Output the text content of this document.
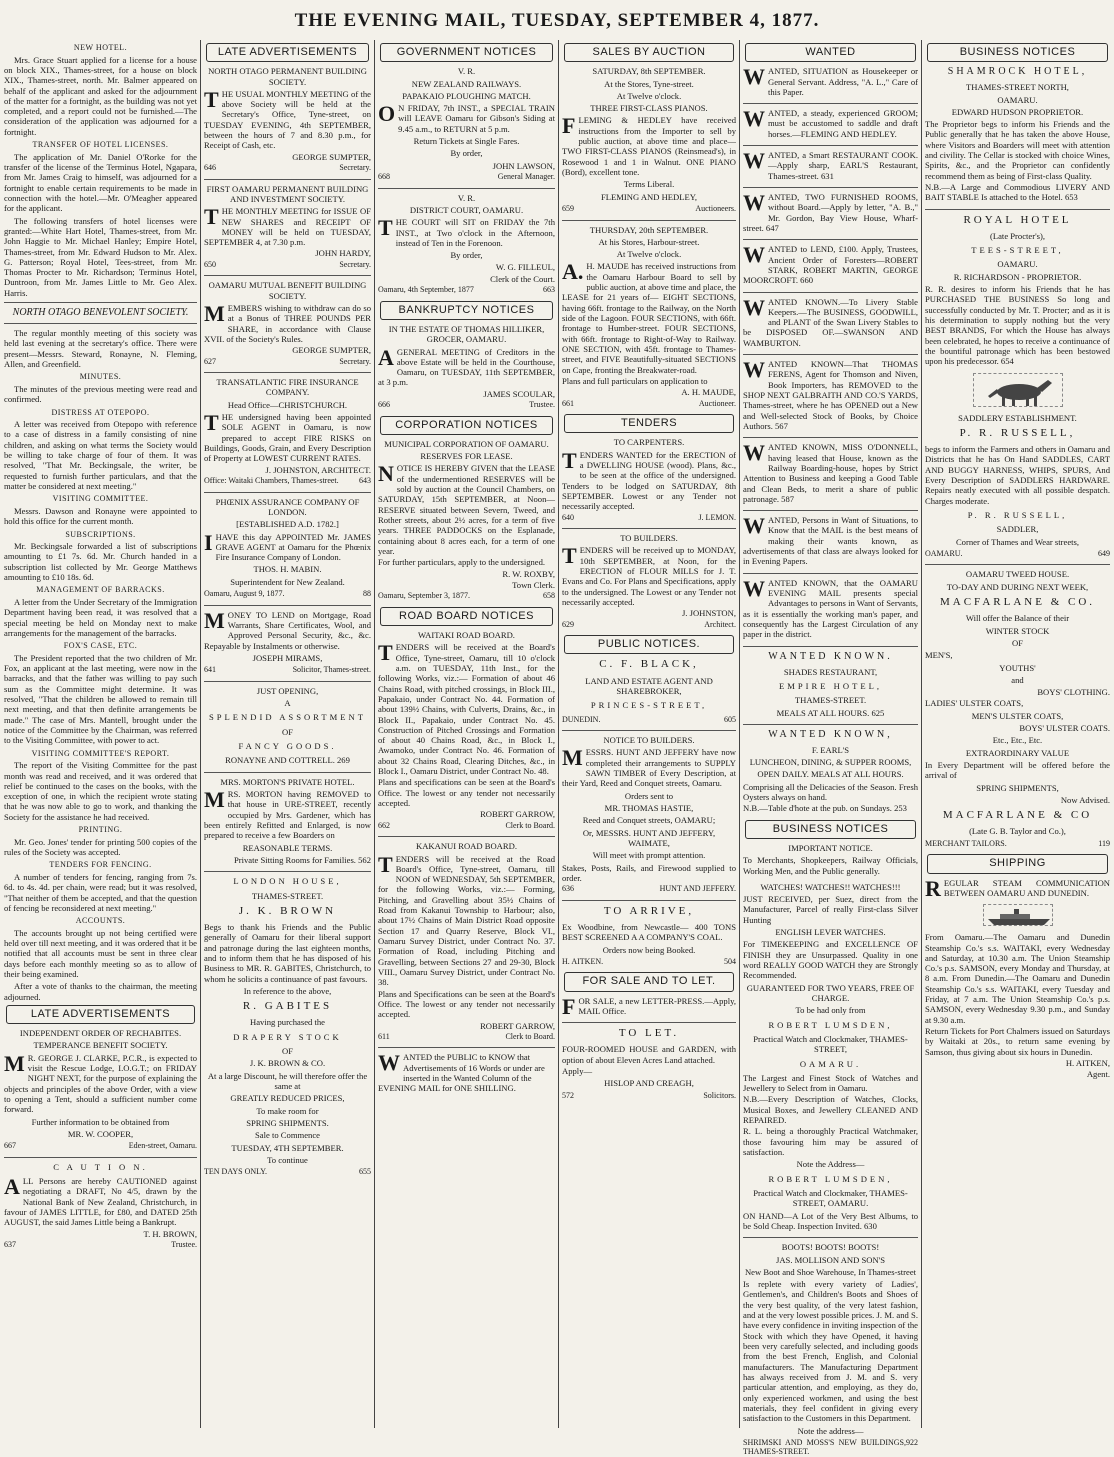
THE EVENING MAIL, TUESDAY, SEPTEMBER 4, 1877.
NEW HOTEL.

Mrs. Grace Stuart applied for a license for a house on block XIX., Thames-street, for a house on block XIX., Thames-street, north. Mr. Balmer appeared on behalf of the applicant and asked for the adjournment of the matter for a fortnight, as the building was not yet completed, and a report could not be furnished.—The consideration of the application was adjourned for a fortnight.

TRANSFER OF HOTEL LICENSES.

The application of Mr. Daniel O'Rorke for the transfer of the license of the Terminus Hotel, Ngapara, from Mr. James Craig to himself, was adjourned for a fortnight to enable certain requirements to be made in connection with the hotel.—Mr. O'Meagher appeared for the applicant.

The following transfers of hotel licenses were granted:—White Hart Hotel, Thames-street, from Mr. John Haggie to Mr. Michael Hanley; Empire Hotel, Thames-street, from Mr. Edward Hudson to Mr. Alex. G. Patterson; Royal Hotel, Tees-street, from Mr. Thomas Procter to Mr. Richardson; Terminus Hotel, Duntroon, from Mr. James Little to Mr. Geo Alex. Harris.

NORTH OTAGO BENEVOLENT SOCIETY.

The regular monthly meeting of this society was held last evening at the secretary's office. There were present—Messrs. Steward, Ronayne, N. Fleming, Allen, and Greenfield.

MINUTES.

The minutes of the previous meeting were read and confirmed.

DISTRESS AT OTEPOPO.

A letter was received from Otepopo with reference to a case of distress in a family consisting of nine children, and asking on what terms the Society would be willing to take charge of four of them. It was resolved, "That Mr. Beckingsale, the writer, be requested to furnish further particulars, and that the matter be considered at next meeting."

VISITING COMMITTEE.

Messrs. Dawson and Ronayne were appointed to hold this office for the current month.

SUBSCRIPTIONS.

Mr. Beckingsale forwarded a list of subscriptions amounting to £1 7s. 6d. Mr. Church handed in a subscription list collected by Mr. George Matthews amounting to £10 18s. 6d.

MANAGEMENT OF BARRACKS.

A letter from the Under Secretary of the Immigration Department having been read, it was resolved that a special meeting be held on Monday next to make arrangements for the management of the barracks.

FOX'S CASE, ETC.

The President reported that the two children of Mr. Fox, an applicant at the last meeting, were now in the barracks, and that the father was willing to pay such sum as the Committee might determine. It was resolved, "That the children be allowed to remain till next meeting, and that then definite arrangements be made." The case of Mrs. Mantell, brought under the notice of the Committee by the Chairman, was referred to the Visiting Committee, with power to act.

VISITING COMMITTEE'S REPORT.

The report of the Visiting Committee for the past month was read and received, and it was ordered that relief be continued to the cases on the books, with the exception of one, in which the recipient wrote stating that he was now able to go to work, and thanking the Society for the assistance he had received.

PRINTING.

Mr. Geo. Jones' tender for printing 500 copies of the rules of the Society was accepted.

TENDERS FOR FENCING.

A number of tenders for fencing, ranging from 7s. 6d. to 4s. 4d. per chain, were read; but it was resolved, "That neither of them be accepted, and that the question of fencing be reconsidered at next meeting."

ACCOUNTS.

The accounts brought up not being certified were held over till next meeting, and it was ordered that it be notified that all accounts must be sent in three clear days before each monthly meeting so as to allow of their being examined.

After a vote of thanks to the chairman, the meeting adjourned.

LATE ADVERTISEMENTS
INDEPENDENT ORDER OF RECHABITES.
TEMPERANCE BENEFIT SOCIETY.

MR. GEORGE J. CLARKE, P.C.R., is expected to visit the Rescue Lodge, I.O.G.T.; on FRIDAY NIGHT NEXT, for the purpose of explaining the objects and principles of the above Order, with a view to opening a Tent, should a sufficient number come forward.

Further information to be obtained from
MR. W. COOPER,
667	Eden-street, Oamaru.
C A U T I O N.

ALL Persons are hereby CAUTIONED against negotiating a DRAFT, No 4/5, drawn by the National Bank of New Zealand, Christchurch, in favour of JAMES LITTLE, for £80, and DATED 25th AUGUST, the said James Little being a Bankrupt.

T. H. BROWN,
637	Trustee.
LATE ADVERTISEMENTS
NORTH OTAGO PERMANENT BUILDING SOCIETY.

THE USUAL MONTHLY MEETING of the above Society will be held at the Secretary's Office, Tyne-street, on TUESDAY EVENING, 4th SEPTEMBER, between the hours of 7 and 8.30 p.m., for Receipt of Cash, etc.

GEORGE SUMPTER,
646	Secretary.
FIRST OAMARU PERMANENT BUILDING AND INVESTMENT SOCIETY.

THE MONTHLY MEETING for ISSUE OF NEW SHARES and RECEIPT OF MONEY will be held on TUESDAY, SEPTEMBER 4, at 7.30 p.m.

JOHN HARDY,
650	Secretary.
OAMARU MUTUAL BENEFIT BUILDING SOCIETY.

MEMBERS wishing to withdraw can do so at a Bonus of THREE POUNDS PER SHARE, in accordance with Clause XVII. of the Society's Rules.

GEORGE SUMPTER,
627	Secretary.
TRANSATLANTIC FIRE INSURANCE COMPANY.
Head Office—CHRISTCHURCH.

THE undersigned having been appointed SOLE AGENT in Oamaru, is now prepared to accept FIRE RISKS on Buildings, Goods, Grain, and Every Description of Property at LOWEST CURRENT RATES.

J. JOHNSTON, ARCHITECT.
Office: Waitaki Chambers, Thames-street.	643
PHŒNIX ASSURANCE COMPANY OF LONDON.
[ESTABLISHED A.D. 1782.]

IHAVE this day APPOINTED Mr. JAMES GRAVE AGENT at Oamaru for the Phœnix Fire Insurance Company of London.

THOS. H. MABIN.
Superintendent for New Zealand.
Oamaru, August 9, 1877.	88

MONEY TO LEND on Mortgage, Road Warrants, Share Certificates, Wool, and Approved Personal Security, &c., &c. Repayable by Instalments or otherwise.

JOSEPH MIRAMS,
641	Solicitor, Thames-street.
JUST OPENING,
A
SPLENDID ASSORTMENT
OF
FANCY GOODS.
RONAYNE AND COTTRELL. 269
MRS. MORTON'S PRIVATE HOTEL.

MRS. MORTON having REMOVED to that house in URE-STREET, recently occupied by Mrs. Gardener, which has been entirely Refitted and Enlarged, is now prepared to receive a few Boarders on

REASONABLE TERMS.
Private Sitting Rooms for Families. 562
LONDON HOUSE,
THAMES-STREET.
J. K. BROWN

Begs to thank his Friends and the Public generally of Oamaru for their liberal support and patronage during the last eighteen months, and to inform them that he has disposed of his Business to MR. R. GABITES, Christchurch, to whom he solicits a continuance of past favours.

In reference to the above,
R. GABITES
Having purchased the
DRAPERY STOCK
OF
J. K. BROWN & CO.
At a large Discount, he will therefore offer the same at
GREATLY REDUCED PRICES,
To make room for
SPRING SHIPMENTS.
Sale to Commence
TUESDAY, 4TH SEPTEMBER.
To continue
TEN DAYS ONLY.	655
GOVERNMENT NOTICES
V. R.
NEW ZEALAND RAILWAYS.
PAPAKAIO PLOUGHING MATCH.

ON FRIDAY, 7th INST., a SPECIAL TRAIN will LEAVE Oamaru for Gibson's Siding at 9.45 a.m., to RETURN at 5 p.m.

Return Tickets at Single Fares.
By order,
JOHN LAWSON,
668	General Manager.
V. R.
DISTRICT COURT, OAMARU.

THE COURT will SIT on FRIDAY the 7th INST., at Two o'clock in the Afternoon, instead of Ten in the Forenoon.

By order,
W. G. FILLEUL,
Clerk of the Court.
Oamaru, 4th September, 1877	663
BANKRUPTCY NOTICES
IN THE ESTATE OF THOMAS HILLIKER, GROCER, OAMARU.

AGENERAL MEETING of Creditors in the above Estate will be held in the Courthouse, Oamaru, on TUESDAY, 11th SEPTEMBER, at 3 p.m.

JAMES SCOULAR,
666	Trustee.
CORPORATION NOTICES
MUNICIPAL CORPORATION OF OAMARU.
RESERVES FOR LEASE.

NOTICE IS HEREBY GIVEN that the LEASE of the undermentioned RESERVES will be sold by auction at the Council Chambers, on SATURDAY, 15th SEPTEMBER, at Noon— RESERVE situated between Severn, Tweed, and Rother streets, about 2½ acres, for a term of five years. THREE PADDOCKS on the Esplanade, containing about 8 acres each, for a term of one year.

For further particulars, apply to the undersigned.

R. W. ROXBY,
Town Clerk.
Oamaru, September 3, 1877.	658
ROAD BOARD NOTICES
WAITAKI ROAD BOARD.

TENDERS will be received at the Board's Office, Tyne-street, Oamaru, till 10 o'clock a.m. on TUESDAY, 11th Inst., for the following Works, viz.:— Formation of about 46 Chains Road, with pitched crossings, in Block III., Papakaio, under Contract No. 44. Formation of about 139½ Chains, with Culverts, Drains, &c., in Block II., Papakaio, under Contract No. 45. Construction of Pitched Crossings and Formation of about 40 Chains Road, &c., in Block I., Awamoko, under Contract No. 46. Formation of about 32 Chains Road, Clearing Ditches, &c., in Block I., Oamaru District, under Contract No. 48.

Plans and specifications can be seen at the Board's Office. The lowest or any tender not necessarily accepted.

ROBERT GARROW,
662	Clerk to Board.
KAKANUI ROAD BOARD.

TENDERS will be received at the Road Board's Office, Tyne-street, Oamaru, till NOON of WEDNESDAY, 5th SEPTEMBER, for the following Works, viz.:— Forming, Pitching, and Gravelling about 35½ Chains of Road from Kakanui Township to Harbour; also, about 17½ Chains of Main District Road opposite Section 17 and Quarry Reserve, Block VI., Oamaru Survey District, under Contract No. 37. Formation of Road, including Pitching and Gravelling, between Sections 27 and 29-30, Block VIII., Oamaru Survey District, under Contract No. 38.

Plans and Specifications can be seen at the Board's Office. The lowest or any tender not necessarily accepted.

ROBERT GARROW,
611	Clerk to Board.

WANTED the PUBLIC to KNOW that Advertisements of 16 Words or under are inserted in the Wanted Column of the EVENING MAIL for ONE SHILLING.

SALES BY AUCTION
SATURDAY, 8th SEPTEMBER.
At the Stores, Tyne-street.
At Twelve o'clock.
THREE FIRST-CLASS PIANOS.

FLEMING & HEDLEY have received instructions from the Importer to sell by public auction, at above time and place— TWO FIRST-CLASS PIANOS (Reinsmead's), in Rosewood 1 and 1 in Walnut. ONE PIANO (Bord), excellent tone.

Terms Liberal.
FLEMING AND HEDLEY,
659	Auctioneers.
THURSDAY, 20th SEPTEMBER.
At his Stores, Harbour-street.
At Twelve o'clock.

A.H. MAUDE has received instructions from the Oamaru Harbour Board to sell by public auction, at above time and place, the LEASE for 21 years of— EIGHT SECTIONS, having 66ft. frontage to the Railway, on the North side of the Lagoon. FOUR SECTIONS, with 66ft. frontage to Humber-street. FOUR SECTIONS, with 66ft. frontage to Right-of-Way to Railway. ONE SECTION, with 45ft. frontage to Thames-street, and FIVE Beautifully-situated SECTIONS on Cape, fronting the Breakwater-road.

Plans and full particulars on application to

A. H. MAUDE,
661	Auctioneer.
TENDERS
TO CARPENTERS.

TENDERS WANTED for the ERECTION of a DWELLING HOUSE (wood). Plans, &c., to be seen at the office of the undersigned. Tenders to be lodged on SATURDAY, 8th SEPTEMBER. Lowest or any Tender not necessarily accepted.

640	J. LEMON.
TO BUILDERS.

TENDERS will be received up to MONDAY, 10th SEPTEMBER, at Noon, for the ERECTION of FLOUR MILLS for J. T. Evans and Co. For Plans and Specifications, apply to the undersigned. The Lowest or any Tender not necessarily accepted.

J. JOHNSTON,
629	Architect.
PUBLIC NOTICES.
C. F. BLACK,
LAND AND ESTATE AGENT AND SHAREBROKER,
PRINCES-STREET,
DUNEDIN.	605
NOTICE TO BUILDERS.

MESSRS. HUNT AND JEFFERY have now completed their arrangements to SUPPLY SAWN TIMBER of Every Description, at their Yard, Reed and Conquet streets, Oamaru.

Orders sent to
MR. THOMAS HASTIE,
Reed and Conquet streets, OAMARU;
Or, MESSRS. HUNT AND JEFFERY, WAIMATE,
Will meet with prompt attention.

Stakes, Posts, Rails, and Firewood supplied to order.

636	HUNT AND JEFFERY.
TO ARRIVE,

Ex Woodbine, from Newcastle— 400 TONS BEST SCREENED A A COMPANY'S COAL.

Orders now being Booked.
H. AITKEN.	504
FOR SALE AND TO LET.

FOR SALE, a new LETTER-PRESS.—Apply, MAIL Office.

TO LET.

FOUR-ROOMED HOUSE and GARDEN, with option of about Eleven Acres Land attached.

Apply—
HISLOP AND CREAGH,
572	Solicitors.
WANTED

WANTED, SITUATION as Housekeeper or General Servant. Address, "A. L.," Care of this Paper.

WANTED, a steady, experienced GROOM; must be accustomed to saddle and draft horses.—FLEMING AND HEDLEY.

WANTED, a Smart RESTAURANT COOK.—Apply sharp, EARL'S Restaurant, Thames-street. 631

WANTED, TWO FURNISHED ROOMS, without Board.—Apply by letter, "A. B.," Mr. Gordon, Bay View House, Wharf-street. 647

WANTED to LEND, £100. Apply, Trustees, Ancient Order of Foresters—ROBERT STARK, ROBERT MARTIN, GEORGE MOORCROFT. 660

WANTED KNOWN.—To Livery Stable Keepers.—The BUSINESS, GOODWILL, and PLANT of the Swan Livery Stables to be DISPOSED OF.—SWANSON AND WAMBURTON.

WANTED KNOWN—That THOMAS FERENS, Agent for Thomson and Niven, Book Importers, has REMOVED to the SHOP NEXT GALBRAITH AND CO.'S YARDS, Thames-street, where he has OPENED out a New and Well-selected Stock of Books, by Choice Authors. 567

WANTED KNOWN, MISS O'DONNELL, having leased that House, known as the Railway Boarding-house, hopes by Strict Attention to Business and keeping a Good Table and Clean Beds, to merit a share of public patronage. 587

WANTED, Persons in Want of Situations, to Know that the MAIL is the best means of making their wants known, as advertisements of that class are always looked for in Evening Papers.

WANTED KNOWN, that the OAMARU EVENING MAIL presents special Advantages to persons in Want of Servants, as it is essentially the working man's paper, and consequently has the Largest Circulation of any paper in the district.

WANTED KNOWN.
SHADES RESTAURANT,
EMPIRE HOTEL,
THAMES-STREET.
MEALS AT ALL HOURS. 625
WANTED KNOWN,
F. EARL'S
LUNCHEON, DINING, & SUPPER ROOMS,
OPEN DAILY. MEALS AT ALL HOURS.

Comprising all the Delicacies of the Season. Fresh Oysters always on hand.

N.B.—Table d'hote at the pub. on Sundays. 253

BUSINESS NOTICES
IMPORTANT NOTICE.

To Merchants, Shopkeepers, Railway Officials, Working Men, and the Public generally.

WATCHES! WATCHES!! WATCHES!!!

JUST RECEIVED, per Suez, direct from the Manufacturer, Parcel of really First-class Silver Hunting

ENGLISH LEVER WATCHES.

For TIMEKEEPING and EXCELLENCE OF FINISH they are Unsurpassed. Quality in one word REALLY GOOD WATCH they are Strongly Recommended.

GUARANTEED FOR TWO YEARS, FREE OF CHARGE.
To be had only from
ROBERT LUMSDEN,
Practical Watch and Clockmaker, THAMES-STREET,
OAMARU.

The Largest and Finest Stock of Watches and Jewellery to Select from in Oamaru.

N.B.—Every Description of Watches, Clocks, Musical Boxes, and Jewellery CLEANED AND REPAIRED.

R. L. being a thoroughly Practical Watchmaker, those favouring him may be assured of satisfaction.

Note the Address—
ROBERT LUMSDEN,
Practical Watch and Clockmaker, THAMES-STREET, OAMARU.

ON HAND—A Lot of the Very Best Albums, to be Sold Cheap. Inspection Invited. 630

BOOTS! BOOTS! BOOTS!
JAS. MOLLISON AND SON'S
New Boot and Shoe Warehouse, In Thames-street

Is replete with every variety of Ladies', Gentlemen's, and Children's Boots and Shoes of the very best quality, of the very latest fashion, and at the very lowest possible prices. J. M. and S. have every confidence in inviting inspection of the Stock with which they have Opened, it having been very carefully selected, and including goods from the best French, English, and Colonial manufacturers. The Manufacturing Department has always received from J. M. and S. very particular attention, and employing, as they do, only experienced workmen, and using the best materials, they feel confident in giving every satisfaction to the Customers in this Department.

Note the address—
SHRIMSKI AND MOSS'S NEW BUILDINGS, THAMES-STREET.
922
BUSINESS NOTICES
SHAMROCK HOTEL,
THAMES-STREET NORTH,
OAMARU.
EDWARD HUDSON PROPRIETOR.

The Proprietor begs to inform his Friends and the Public generally that he has taken the above House, where Visitors and Boarders will meet with attention and civility. The Cellar is stocked with choice Wines, Spirits, &c., and the Proprietor can confidently recommend them as being of First-class Quality.

N.B.—A Large and Commodious LIVERY AND BAIT STABLE Is attached to the Hotel. 653

ROYAL HOTEL
(Late Procter's),
TEES-STREET,
OAMARU.
R. RICHARDSON - PROPRIETOR.

R. R. desires to inform his Friends that he has PURCHASED THE BUSINESS So long and successfully conducted by Mr. T. Procter; and as it is his determination to supply nothing but the very BEST BRANDS, For which the House has always been celebrated, he hopes to receive a continuance of the bountiful patronage which has been bestowed upon his predecessor. 654

SADDLERY ESTABLISHMENT.
P. R. RUSSELL,

begs to inform the Farmers and others in Oamaru and Districts that he has On Hand SADDLES, CART AND BUGGY HARNESS, WHIPS, SPURS, And Every Description of SADDLERS HARDWARE. Repairs neatly executed with all possible despatch. Charges moderate.

P. R. RUSSELL,
SADDLER,
Corner of Thames and Wear streets,
OAMARU.	649
OAMARU TWEED HOUSE.
TO-DAY AND DURING NEXT WEEK,
MACFARLANE & CO.
Will offer the Balance of their
WINTER STOCK
OF
MEN'S,
YOUTHS'
and
BOYS' CLOTHING.
LADIES' ULSTER COATS,
MEN'S ULSTER COATS,
BOYS' ULSTER COATS.
Etc., Etc., Etc.
EXTRAORDINARY VALUE

In Every Department will be offered before the arrival of

SPRING SHIPMENTS,
Now Advised.
MACFARLANE & CO
(Late G. B. Taylor and Co.),
MERCHANT TAILORS.	119
SHIPPING

REGULAR STEAM COMMUNICATION BETWEEN OAMARU AND DUNEDIN.

From Oamaru.—The Oamaru and Dunedin Steamship Co.'s s.s. WAITAKI, every Wednesday and Saturday, at 10.30 a.m. The Union Steamship Co.'s p.s. SAMSON, every Monday and Thursday, at 8 a.m. From Dunedin.—The Oamaru and Dunedin Steamship Co.'s s.s. WAITAKI, every Tuesday and Friday, at 7 a.m. The Union Steamship Co.'s p.s. SAMSON, every Wednesday 9.30 p.m., and Sunday at 9.30 a.m.

Return Tickets for Port Chalmers issued on Saturdays by Waitaki at 20s., to return same evening by Samson, thus giving about six hours in Dunedin.

H. AITKEN,
Agent.
